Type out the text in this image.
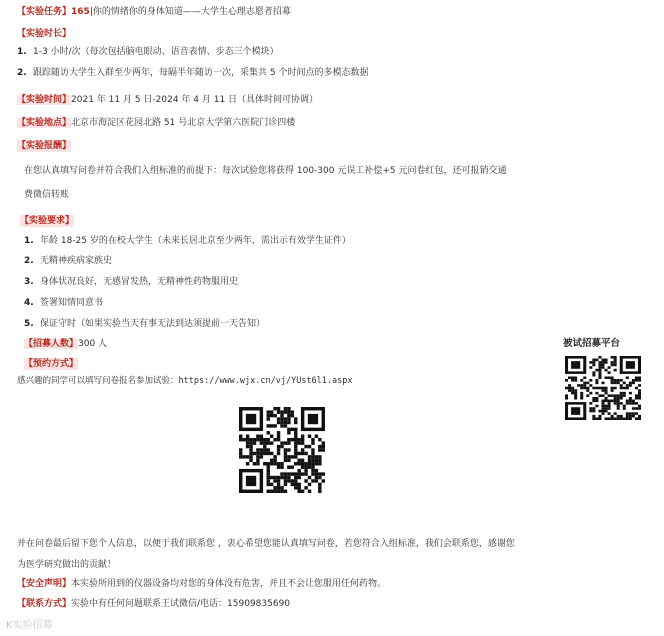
【实验任务】165|你的情绪你的身体知道——大学生心理志愿者招募
【实验时长】
1. 1-3 小时/次（每次包括脑电眼动、语音表情、步态三个模块）
2. 跟踪随访大学生入群至少两年，每隔半年随访一次，采集共 5 个时间点的多模态数据
【实验时间】2021 年 11 月 5 日-2024 年 4 月 11 日（具体时间可协调）
【实验地点】北京市海淀区花园北路 51 号北京大学第六医院门诊四楼
【实验报酬】
在您认真填写问卷并符合我们入组标准的前提下：每次试验您将获得 100-300 元误工补偿+5 元问卷红包，还可报销交通
费微信转账
【实验要求】
1. 年龄 18-25 岁的在校大学生（未来长居北京至少两年，需出示有效学生证件）
2. 无精神疾病家族史
3. 身体状况良好，无感冒发热，无精神性药物服用史
4. 签署知情同意书
5. 保证守时（如果实验当天有事无法到达须提前一天告知）
【招募人数】300 人
【预约方式】
感兴趣的同学可以填写问卷报名参加试验：https://www.wjx.cn/vj/YUst6l1.aspx
被试招募平台
并在问卷最后留下您个人信息，以便于我们联系您 ，衷心希望您能认真填写问卷，若您符合入组标准，我们会联系您，感谢您
为医学研究做出的贡献！
【安全声明】本实验所用到的仪器设备均对您的身体没有危害，并且不会让您服用任何药物。
【联系方式】实验中有任何问题联系王试微信/电话：15909835690
K实验招募
